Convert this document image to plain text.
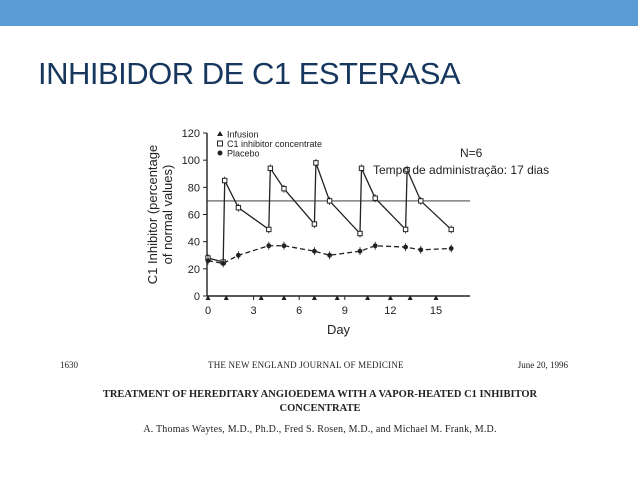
INHIBIDOR DE C1 ESTERASA
0
20
40
60
80
100
120
0	3	6	9	12	15
Day
C1 Inhibitor (percentage of normal values)
Infusion
C1 inhibitor concentrate
Placebo	N=6
Tempo de administração: 17 dias
1630	THE NEW ENGLAND JOURNAL OF MEDICINE	June 20, 1996
TREATMENT OF HEREDITARY ANGIOEDEMA WITH A VAPOR-HEATED C1 INHIBITOR CONCENTRATE
A. Thomas Waytes, M.D., Ph.D., Fred S. Rosen, M.D., and Michael M. Frank, M.D.
